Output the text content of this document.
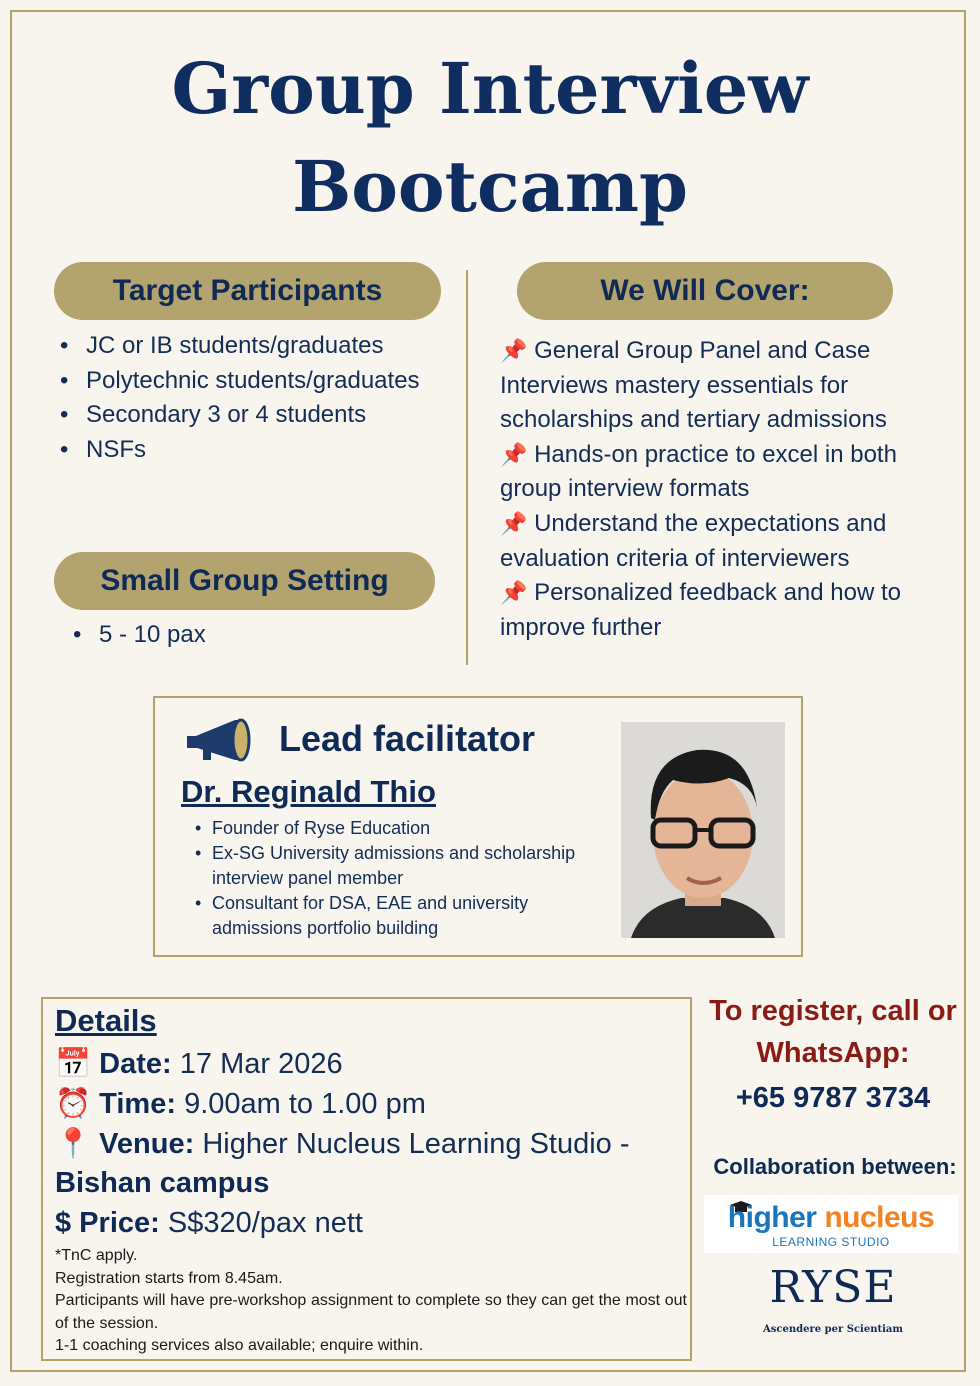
Group Interview
Bootcamp
Target Participants
• JC or IB students/graduates
• Polytechnic students/graduates
• Secondary 3 or 4 students
• NSFs
Small Group Setting
• 5 - 10 pax
We Will Cover:

📌 General Group Panel and Case Interviews mastery essentials for scholarships and tertiary admissions

📌 Hands-on practice to excel in both group interview formats

📌 Understand the expectations and evaluation criteria of interviewers

📌 Personalized feedback and how to improve further

Lead facilitator

Dr. Reginald Thio

• Founder of Ryse Education
• Ex-SG University admissions and scholarship interview panel member
• Consultant for DSA, EAE and university admissions portfolio building

Details

📅 Date: 17 Mar 2026
⏰ Time: 9.00am to 1.00 pm
📍 Venue: Higher Nucleus Learning Studio -
Bishan campus
$ Price: S$320/pax nett

*TnC apply.

Registration starts from 8.45am.

Participants will have pre-workshop assignment to complete so they can get the most out of the session.

1-1 coaching services also available; enquire within.

To register, call or
WhatsApp:

+65 9787 3734
Collaboration between:
higher nucleus
LEARNING STUDIO
RYSE
Ascendere per Scientiam
